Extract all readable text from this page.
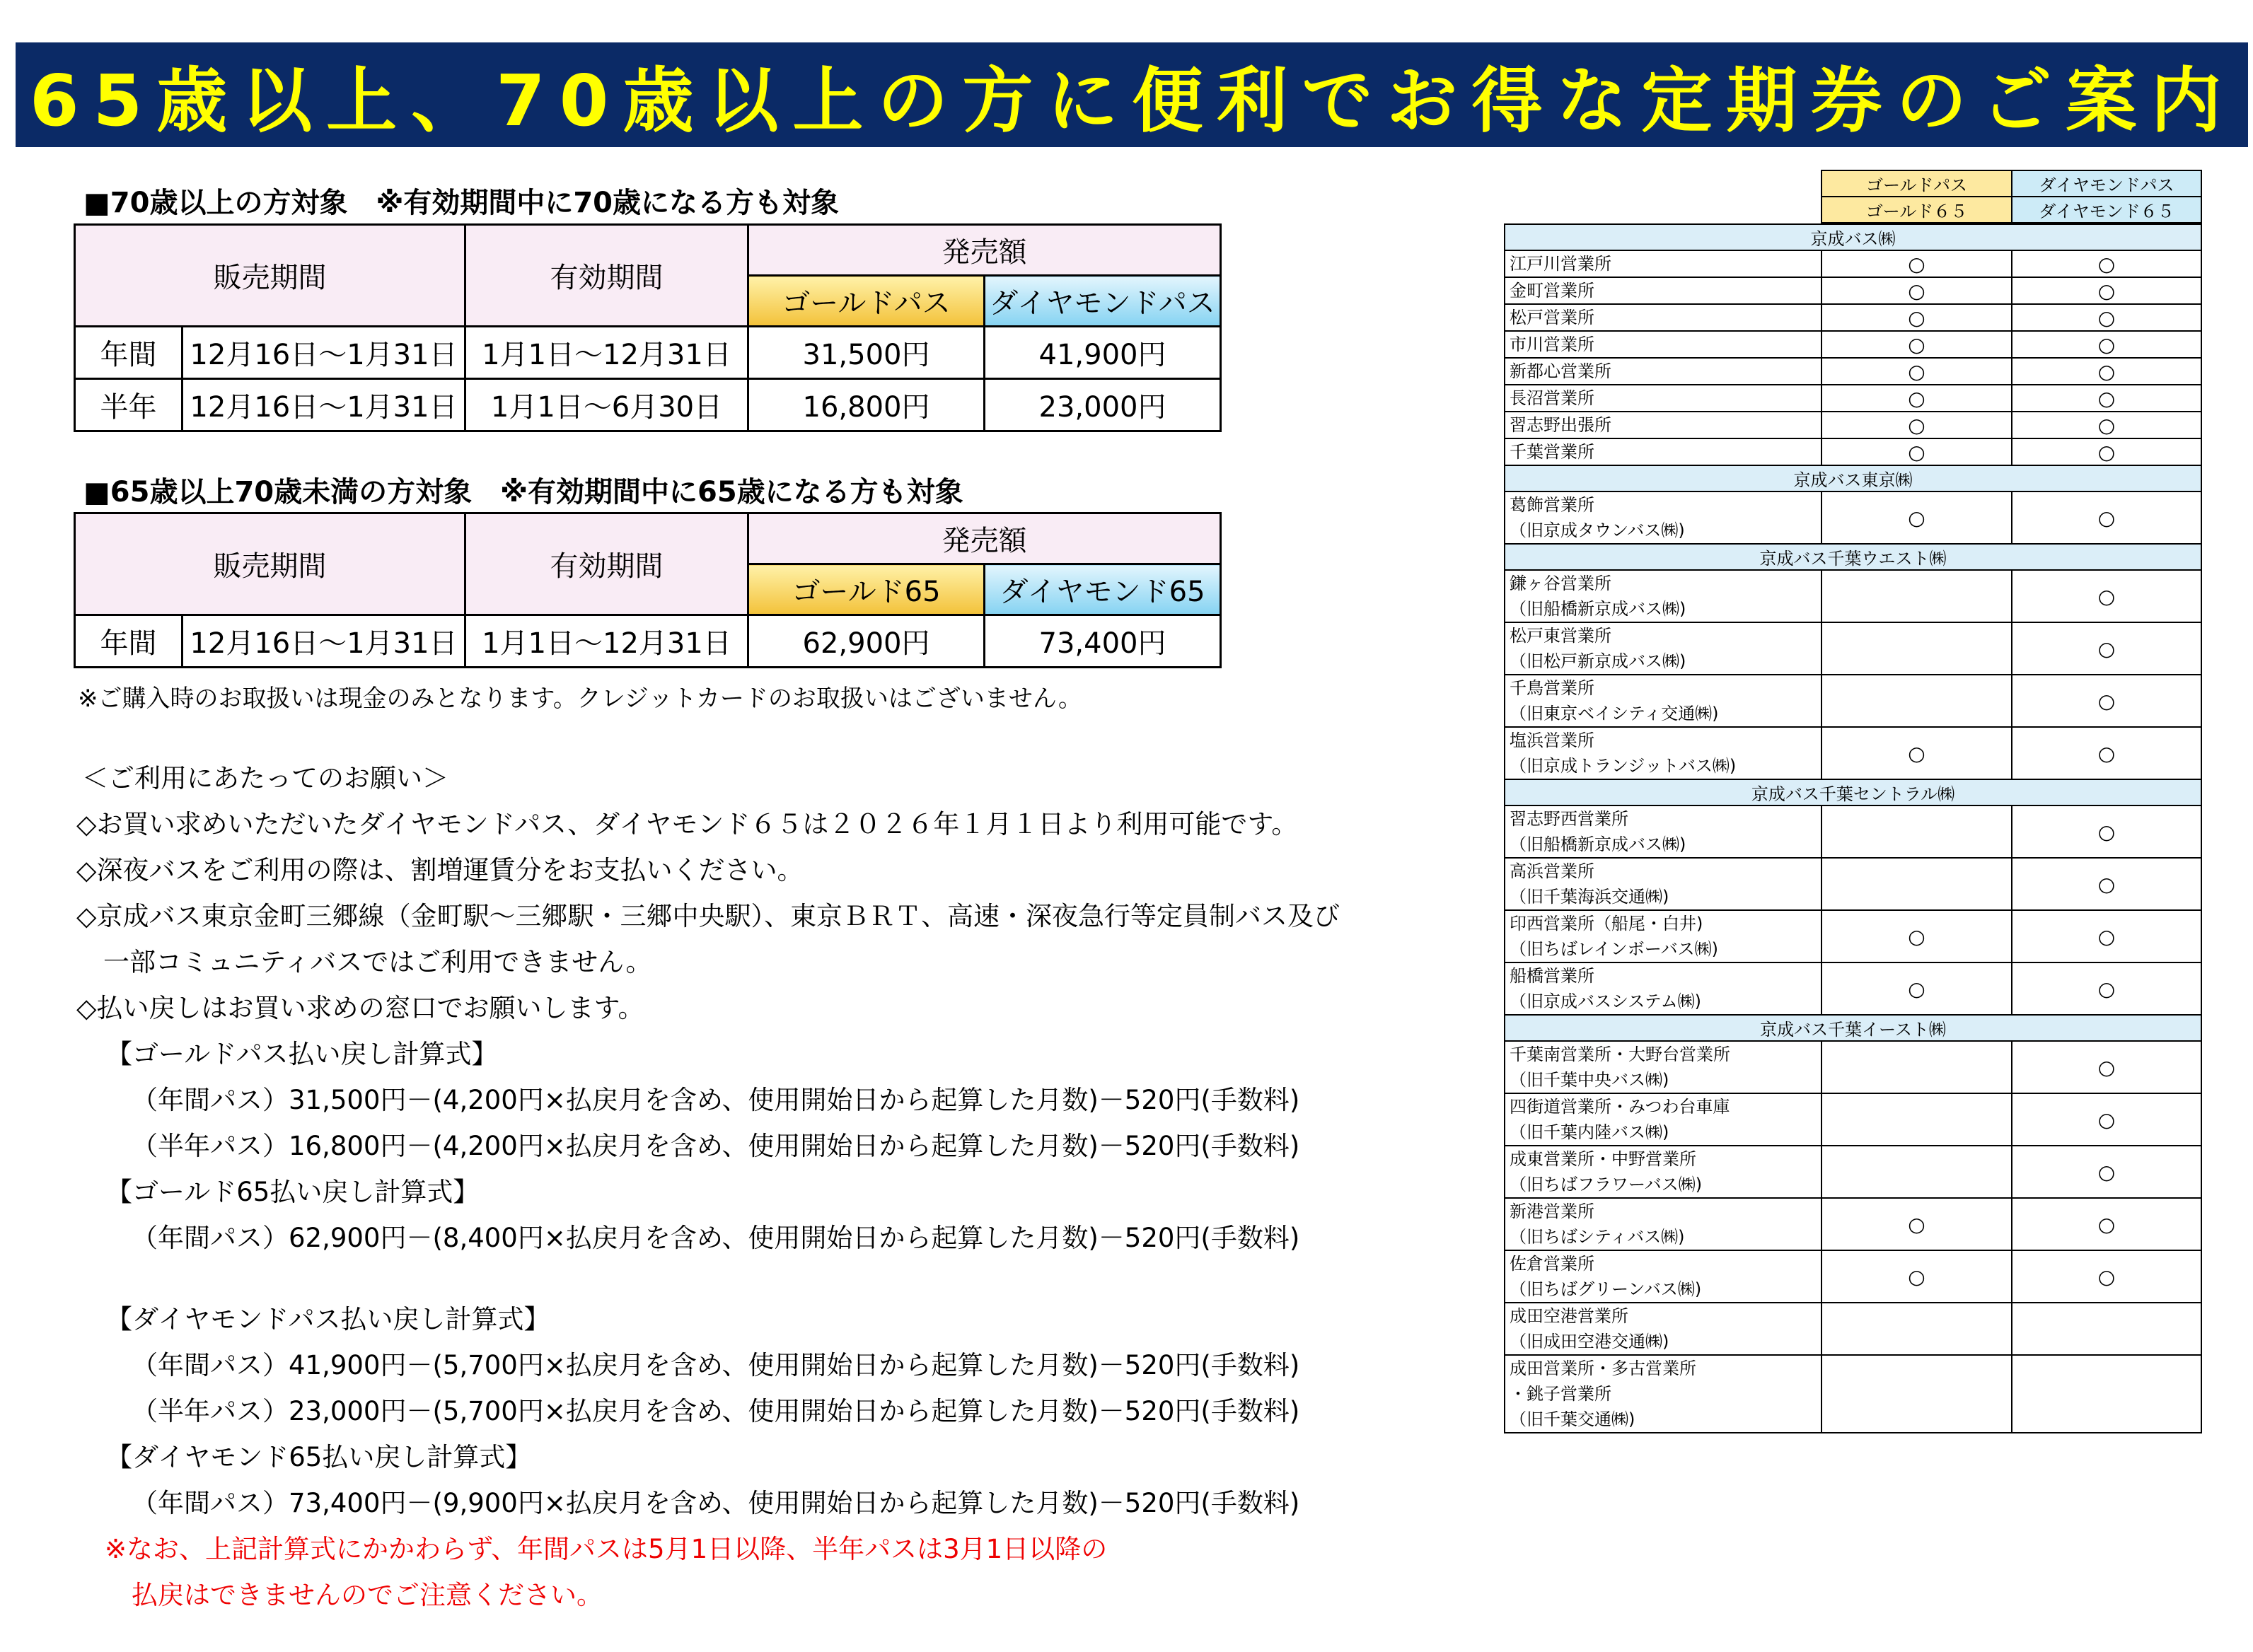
65歳以上、70歳以上の方に便利でお得な定期券のご案内
■70歳以上の方対象　※有効期間中に70歳になる方も対象
販売期間		有効期間	発売額	
			ゴールドパス	ダイヤモンドパス
年間	12月16日～1月31日	1月1日～12月31日	31,500円	41,900円
半年	12月16日～1月31日	1月1日～6月30日	16,800円	23,000円
■65歳以上70歳未満の方対象　※有効期間中に65歳になる方も対象
販売期間		有効期間	発売額	
			ゴールド65	ダイヤモンド65
年間	12月16日～1月31日	1月1日～12月31日	62,900円	73,400円
※ご購入時のお取扱いは現金のみとなります。クレジットカードのお取扱いはございません。
＜ご利用にあたってのお願い＞
◇お買い求めいただいたダイヤモンドパス、ダイヤモンド６５は２０２６年１月１日より利用可能です。
◇深夜バスをご利用の際は、割増運賃分をお支払いください。
◇京成バス東京金町三郷線（金町駅～三郷駅・三郷中央駅）、東京ＢＲＴ、高速・深夜急行等定員制バス及び
一部コミュニティバスではご利用できません。
◇払い戻しはお買い求めの窓口でお願いします。
【ゴールドパス払い戻し計算式】
（年間パス）31,500円－(4,200円×払戻月を含め、使用開始日から起算した月数)－520円(手数料)
（半年パス）16,800円－(4,200円×払戻月を含め、使用開始日から起算した月数)－520円(手数料)
【ゴールド65払い戻し計算式】
（年間パス）62,900円－(8,400円×払戻月を含め、使用開始日から起算した月数)－520円(手数料)
【ダイヤモンドパス払い戻し計算式】
（年間パス）41,900円－(5,700円×払戻月を含め、使用開始日から起算した月数)－520円(手数料)
（半年パス）23,000円－(5,700円×払戻月を含め、使用開始日から起算した月数)－520円(手数料)
【ダイヤモンド65払い戻し計算式】
（年間パス）73,400円－(9,900円×払戻月を含め、使用開始日から起算した月数)－520円(手数料)
※なお、上記計算式にかかわらず、年間パスは5月1日以降、半年パスは3月1日以降の
払戻はできませんのでご注意ください。
ゴールドパス	ダイヤモンドパス
ゴールド６５	ダイヤモンド６５
京成バス㈱		

江戸川営業所	○	○

金町営業所	○	○

松戸営業所	○	○

市川営業所	○	○

新都心営業所	○	○

長沼営業所	○	○

習志野出張所	○	○

千葉営業所	○	○
京成バス東京㈱		

葛飾営業所
（旧京成タウンバス㈱)	○	○
京成バス千葉ウエスト㈱		

鎌ヶ谷営業所
（旧船橋新京成バス㈱)		○

松戸東営業所
（旧松戸新京成バス㈱)		○

千鳥営業所
（旧東京ベイシティ交通㈱)		○

塩浜営業所
（旧京成トランジットバス㈱)	○	○
京成バス千葉セントラル㈱		

習志野西営業所
（旧船橋新京成バス㈱)		○

高浜営業所
（旧千葉海浜交通㈱)		○

印西営業所（船尾・白井)
（旧ちばレインボーバス㈱)	○	○

船橋営業所
（旧京成バスシステム㈱)	○	○
京成バス千葉イースト㈱		

千葉南営業所・大野台営業所
（旧千葉中央バス㈱)		○

四街道営業所・みつわ台車庫
（旧千葉内陸バス㈱)		○

成東営業所・中野営業所
（旧ちばフラワーバス㈱)		○

新港営業所
（旧ちばシティバス㈱)	○	○

佐倉営業所
（旧ちばグリーンバス㈱)	○	○

成田空港営業所
（旧成田空港交通㈱)		

成田営業所・多古営業所
・銚子営業所
（旧千葉交通㈱)		
